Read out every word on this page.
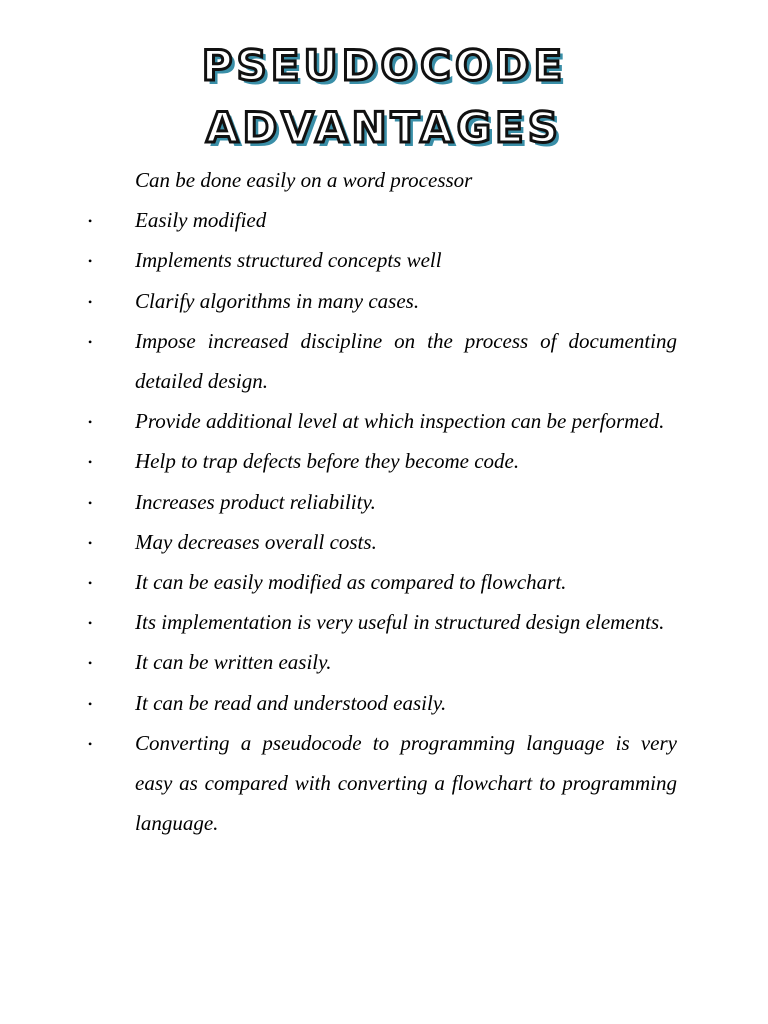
PSEUDOCODE
ADVANTAGES
Can be done easily on a word processor
• Easily modified
• Implements structured concepts well
• Clarify algorithms in many cases.
• Impose increased discipline on the process of documenting detailed design.
• Provide additional level at which inspection can be performed.
• Help to trap defects before they become code.
• Increases product reliability.
• May decreases overall costs.
• It can be easily modified as compared to flowchart.
• Its implementation is very useful in structured design elements.
• It can be written easily.
• It can be read and understood easily.
• Converting a pseudocode to programming language is very easy as compared with converting a flowchart to programming language.
